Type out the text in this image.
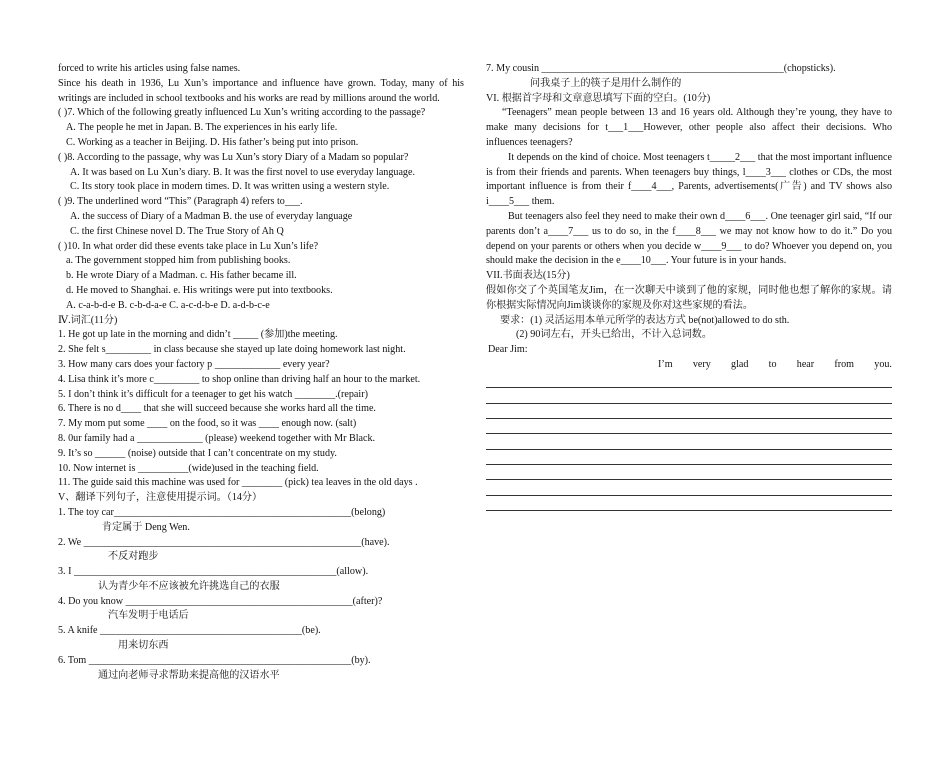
forced to write his articles using false names.
Since his death in 1936, Lu Xun’s importance and influence have grown. Today, many of his writings are included in school textbooks and his works are read by millions around the world.
( )7. Which of the following greatly influenced Lu Xun’s writing according to the passage?
A. The people he met in Japan. B. The experiences in his early life.
C. Working as a teacher in Beijing. D. His father’s being put into prison.
( )8. According to the passage, why was Lu Xun’s story Diary of a Madam so popular?
A. It was based on Lu Xun’s diary. B. It was the first novel to use everyday language.
C. Its story took place in modern times. D. It was written using a western style.
( )9. The underlined word “This” (Paragraph 4) refers to___.
A. the success of Diary of a Madman B. the use of everyday language
C. the first Chinese novel D. The True Story of Ah Q
( )10. In what order did these events take place in Lu Xun’s life?
a. The government stopped him from publishing books.
b. He wrote Diary of a Madman. c. His father became ill.
d. He moved to Shanghai. e. His writings were put into textbooks.
A. c-a-b-d-e B. c-b-d-a-e C. a-c-d-b-e D. a-d-b-c-e
Ⅳ.词汇(11分)
1. He got up late in the morning and didn’t _____ (参加)the meeting.
2. She felt s_________ in class because she stayed up late doing homework last night.
3. How many cars does your factory p _____________ every year?
4. Lisa think it’s more c_________ to shop online than driving half an hour to the market.
5. I don’t think it’s difficult for a teenager to get his watch ________.(repair)
6. There is no d____ that she will succeed because she works hard all the time.
7. My mom put some ____ on the food, so it was ____ enough now. (salt)
8. 0ur family had a _____________ (please) weekend together with Mr Black.
9. It’s so ______ (noise) outside that I can’t concentrate on my study.
10. Now internet is __________(wide)used in the teaching field.
11. The guide said this machine was used for ________ (pick) tea leaves in the old days .
V、翻译下列句子，注意使用提示词。（14分）
1. The toy car_______________________________________________(belong)
肯定属于 Deng Wen.
2. We _______________________________________________________(have).
不反对跑步
3. I ____________________________________________________(allow).
认为青少年不应该被允许挑选自己的衣服
4. Do you know _____________________________________________(after)?
汽车发明于电话后
5. A knife ________________________________________(be).
用来切东西
6. Tom ____________________________________________________(by).
通过向老师寻求帮助来提高他的汉语水平
7. My cousin ________________________________________________(chopsticks).
问我桌子上的筷子是用什么制作的
VI. 根据首字母和文章意思填写下面的空白。(10分)
“Teenagers” mean people between 13 and 16 years old. Although they’re young, they have to make many decisions for t___1___However, other people also affect their decisions. Who influences teenagers?
It depends on the kind of choice. Most teenagers t_____2___ that the most important influence is from their friends and parents. When teenagers buy things, l____3___ clothes or CDs, the most important influence is from their f____4___, Parents, advertisements(广告) and TV shows also i____5___ them.
But teenagers also feel they need to make their own d____6___. One teenager girl said, “If our parents don’t a____7___ us to do so, in the f____8___ we may not know how to do it.” Do you depend on your parents or others when you decide w____9___ to do? Whoever you depend on, you should make the decision in the e____10___. Your future is in your hands.
VII.书面表达(15分)
假如你交了个英国笔友Jim，在一次聊天中谈到了他的家规，同时他也想了解你的家规。请你根据实际情况向Jim谈谈你的家规及你对这些家规的看法。
要求：(1) 灵活运用本单元所学的表达方式 be(not)allowed to do sth.
(2) 90词左右，开头已给出，不计入总词数。
Dear Jim:
I’m very glad to hear from you.
